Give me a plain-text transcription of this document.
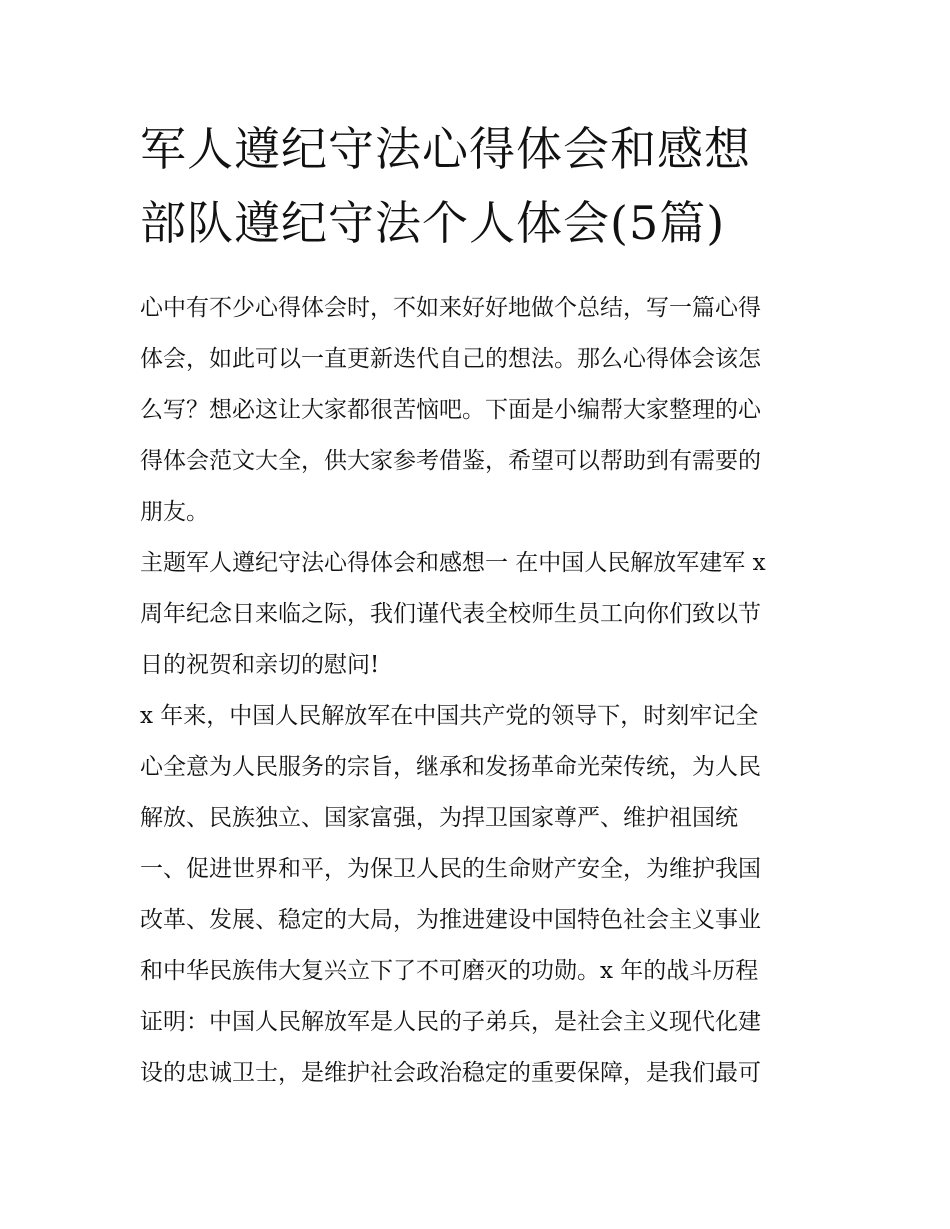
军人遵纪守法心得体会和感想
部队遵纪守法个人体会(5篇)
心中有不少心得体会时，不如来好好地做个总结，写一篇心得
体会，如此可以一直更新迭代自己的想法。那么心得体会该怎
么写？想必这让大家都很苦恼吧。下面是小编帮大家整理的心
得体会范文大全，供大家参考借鉴，希望可以帮助到有需要的
朋友。
主题军人遵纪守法心得体会和感想一 在中国人民解放军建军 x
周年纪念日来临之际，我们谨代表全校师生员工向你们致以节
日的祝贺和亲切的慰问!
x 年来，中国人民解放军在中国共产党的领导下，时刻牢记全
心全意为人民服务的宗旨，继承和发扬革命光荣传统，为人民
解放、民族独立、国家富强，为捍卫国家尊严、维护祖国统
一、促进世界和平，为保卫人民的生命财产安全，为维护我国
改革、发展、稳定的大局，为推进建设中国特色社会主义事业
和中华民族伟大复兴立下了不可磨灭的功勋。x 年的战斗历程
证明：中国人民解放军是人民的子弟兵，是社会主义现代化建
设的忠诚卫士，是维护社会政治稳定的重要保障，是我们最可
